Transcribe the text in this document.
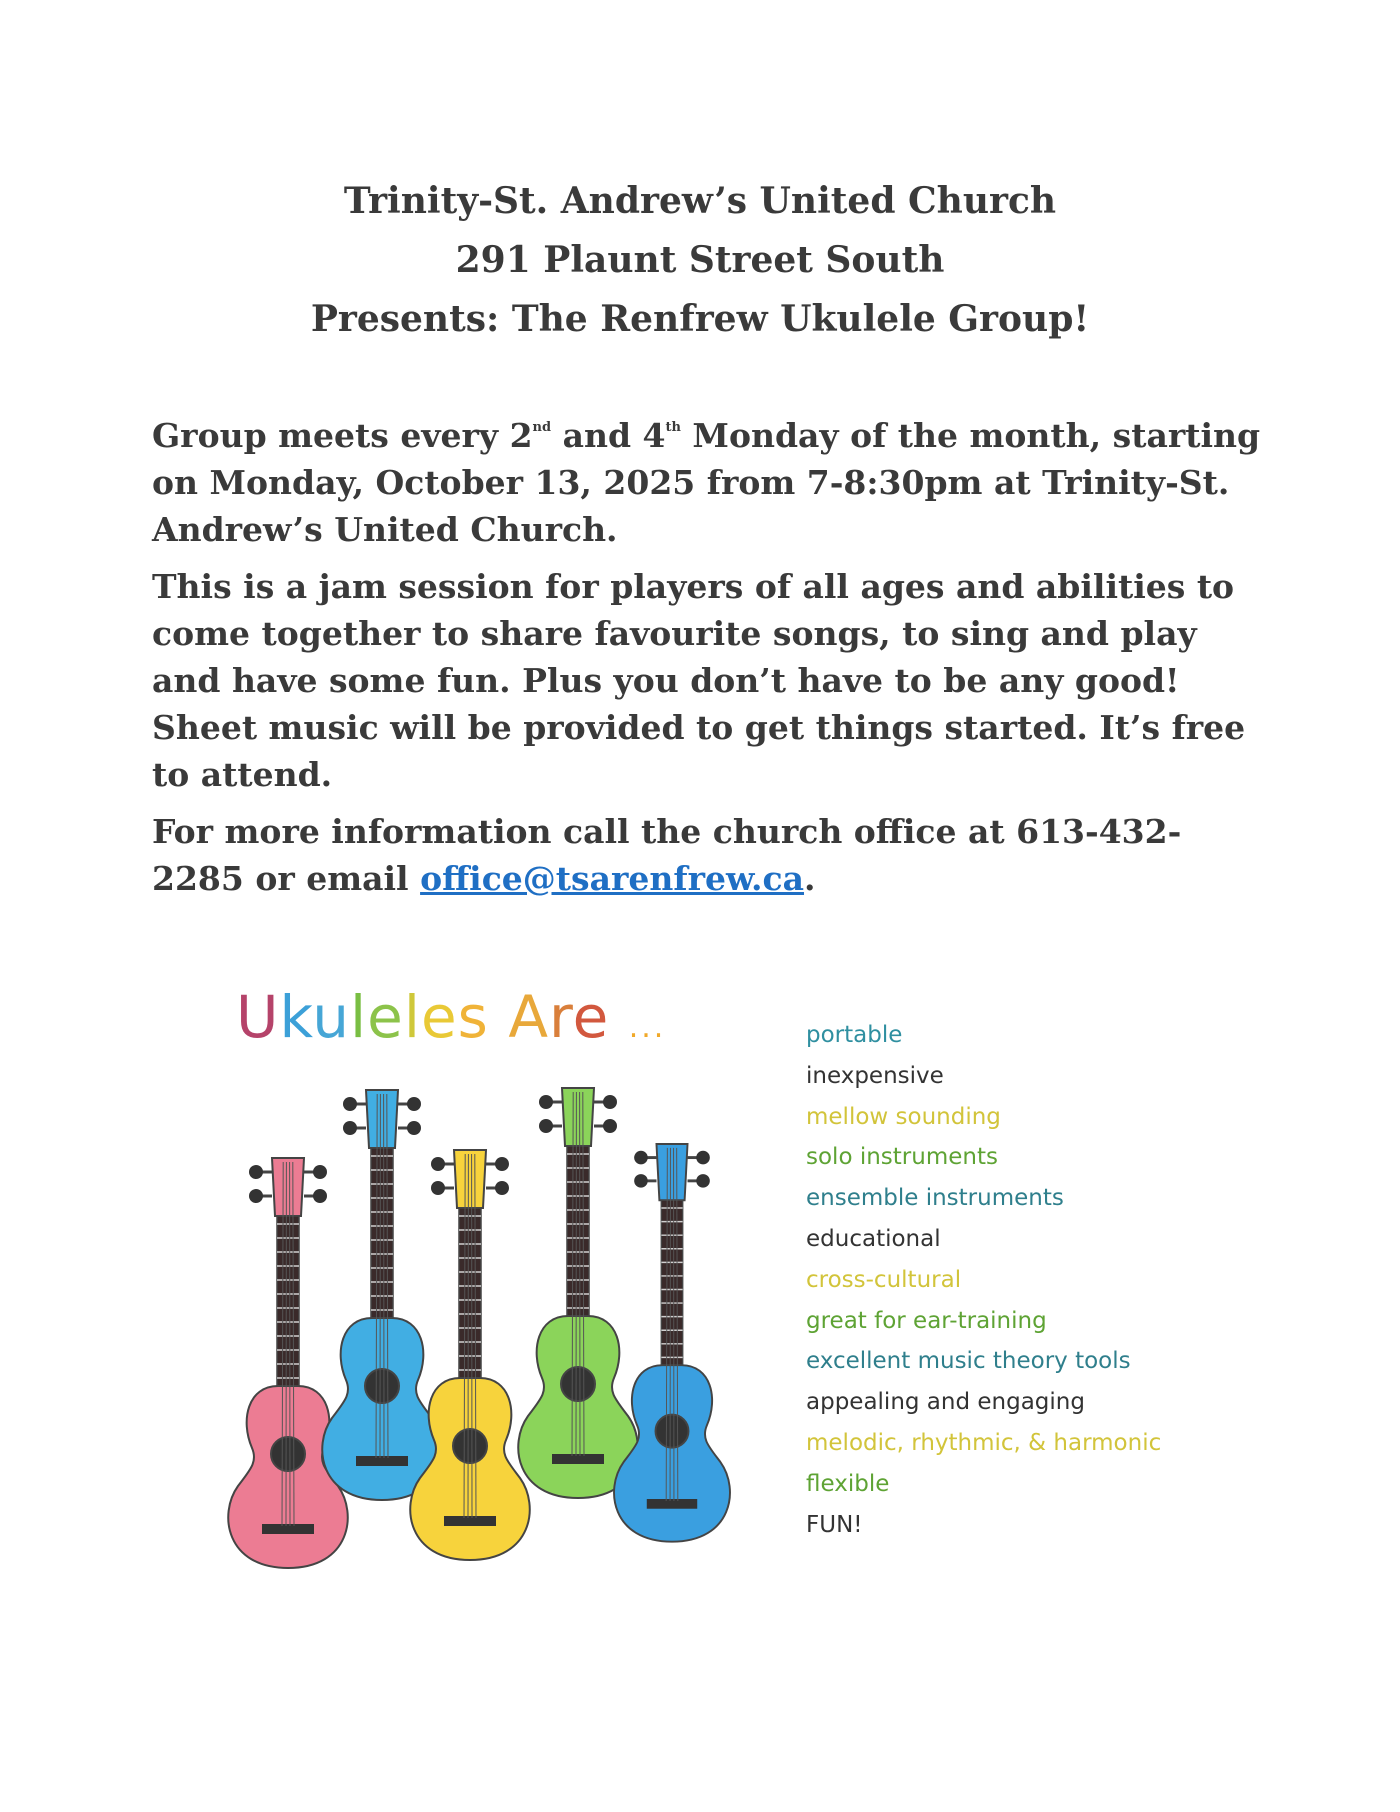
Trinity-St. Andrew’s United Church
291 Plaunt Street South
Presents: The Renfrew Ukulele Group!

Group meets every 2nd and 4th Monday of the month, starting on Monday, October 13, 2025 from 7-8:30pm at Trinity-St. Andrew’s United Church.

This is a jam session for players of all ages and abilities to come together to share favourite songs, to sing and play and have some fun. Plus you don’t have to be any good! Sheet music will be provided to get things started. It’s free to attend.

For more information call the church office at 613-432-2285 or email office@tsarenfrew.ca.

Ukuleles Are ...	portable
inexpensive
mellow sounding
solo instruments
ensemble instruments
educational
cross-cultural
great for ear-training
excellent music theory tools
appealing and engaging
melodic, rhythmic, & harmonic
flexible
FUN!
